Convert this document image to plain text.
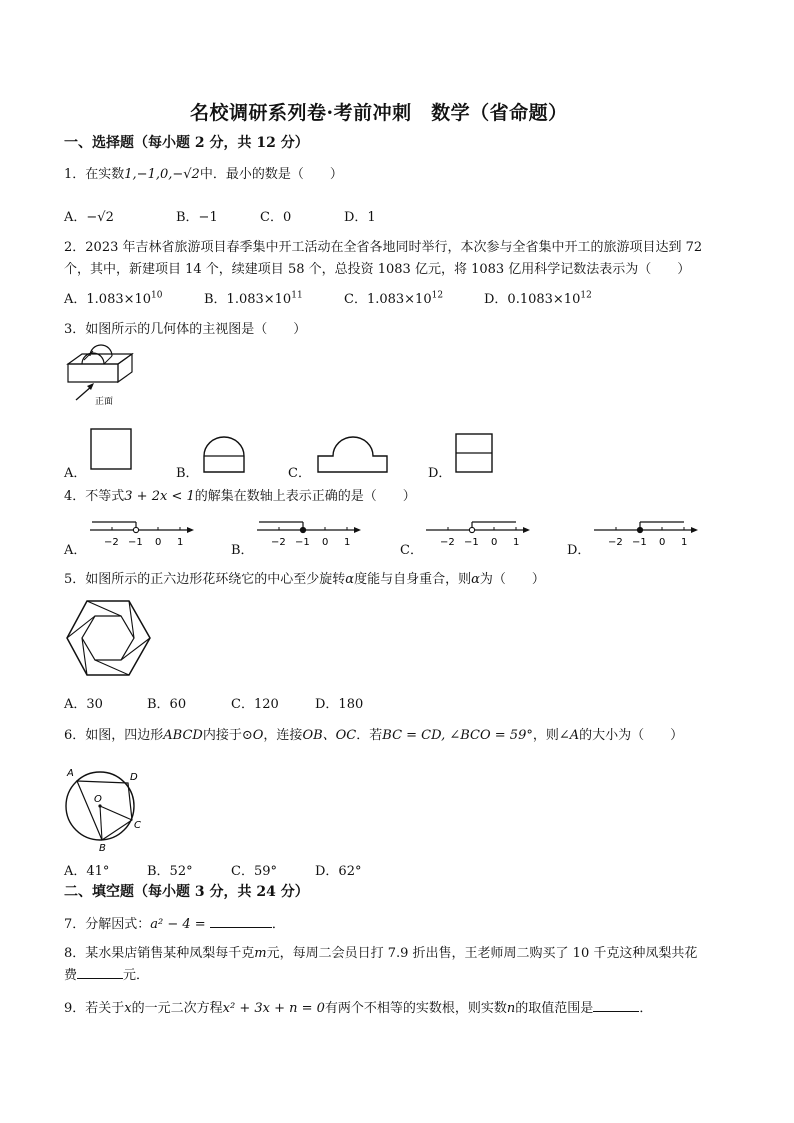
名校调研系列卷·考前冲刺　数学（省命题）
一、选择题（每小题 2 分，共 12 分）
1．在实数1,−1,0,−√2中．最小的数是（　　）
A．−√2	B．−1	C．0	D．1
2．2023 年吉林省旅游项目春季集中开工活动在全省各地同时举行，本次参与全省集中开工的旅游项目达到 72
个，其中，新建项目 14 个，续建项目 58 个，总投资 1083 亿元，将 1083 亿用科学记数法表示为（　　）
A．$1.083\times 10^{10}$	B．$1.083\times 10^{11}$	C．$1.083\times 10^{12}$	D．$0.1083\times 10^{12}$
3．如图所示的几何体的主视图是（　　）
正面
A．	B．	C．	D．
4．不等式3 + 2x < 1的解集在数轴上表示正确的是（　　）
A．
−2 −1 0 1
B．
−2 −1 0 1
C．
−2 −1 0 1
D．
−2 −1 0 1
5．如图所示的正六边形花环绕它的中心至少旋转α度能与自身重合，则α为（　　）
A．30	B．60	C．120	D．180
6．如图，四边形ABCD内接于⊙O，连接OB、OC．若BC = CD, ∠BCO = 59°，则∠A的大小为（　　）
A	D
O
C
B
A．41°	B．52°	C．59°	D．62°
二、填空题（每小题 3 分，共 24 分）
7．分解因式：a² − 4 =	．
8．某水果店销售某种凤梨每千克m元，每周二会员日打 7.9 折出售，王老师周二购买了 10 千克这种凤梨共花
费	元．
9．若关于x的一元二次方程x² + 3x + n = 0有两个不相等的实数根，则实数n的取值范围是	．
